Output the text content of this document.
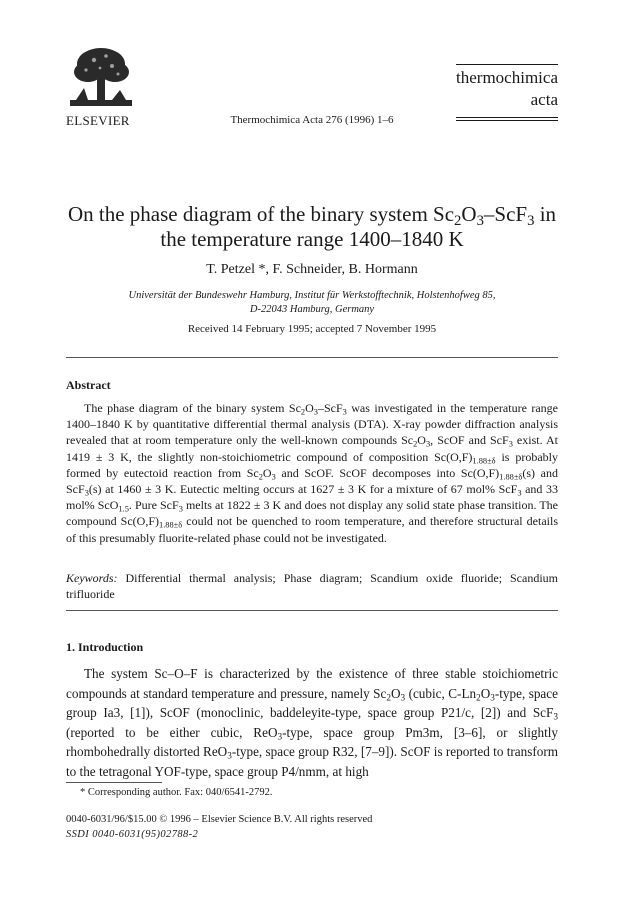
ELSEVIER	Thermochimica Acta 276 (1996) 1–6
thermochimica
acta
On the phase diagram of the binary system $Sc_2O_3-ScF_3$ in
the temperature range 1400–1840 K
T. Petzel *, F. Schneider, B. Hormann
Universität der Bundeswehr Hamburg, Institut für Werkstofftechnik, Holstenhofweg 85,
D-22043 Hamburg, Germany
Received 14 February 1995; accepted 7 November 1995
Abstract

The phase diagram of the binary system $Sc_2O_3-ScF_3$ was investigated in the temperature range 1400–1840 K by quantitative differential thermal analysis (DTA). X-ray powder diffraction analysis revealed that at room temperature only the well-known compounds $Sc_2O_3$, ScOF and ScF$_3$ exist. At 1419 ± 3 K, the slightly non-stoichiometric compound of composition $Sc(O,F)_{1.88\pm\delta}$ is probably formed by eutectoid reaction from $Sc_2O_3$ and ScOF. ScOF decomposes into $Sc(O,F)_{1.88\pm\delta}(s)$ and ScF$_3$(s) at 1460 ± 3 K. Eutectic melting occurs at 1627 ± 3 K for a mixture of 67 mol% ScF$_3$ and 33 mol% ScO$_{1.5}$. Pure ScF$_3$ melts at 1822 ± 3 K and does not display any solid state phase transition. The compound $Sc(O,F)_{1.88\pm\delta}$ could not be quenched to room temperature, and therefore structural details of this presumably fluorite-related phase could not be investigated.

Keywords: Differential thermal analysis; Phase diagram; Scandium oxide fluoride; Scandium trifluoride

1. Introduction

The system Sc–O–F is characterized by the existence of three stable stoichiometric compounds at standard temperature and pressure, namely $Sc_2O_3$ (cubic, $C-Ln_2O_3$-type, space group Ia3, [1]), ScOF (monoclinic, baddeleyite-type, space group P21/c, [2]) and ScF$_3$ (reported to be either cubic, ReO$_3$-type, space group Pm3m, [3–6], or slightly rhombohedrally distorted ReO$_3$-type, space group R32, [7–9]). ScOF is reported to transform to the tetragonal YOF-type, space group P4/nmm, at high

* Corresponding author. Fax: 040/6541-2792.
0040-6031/96/$15.00 © 1996 – Elsevier Science B.V. All rights reserved
SSDI 0040-6031(95)02788-2
